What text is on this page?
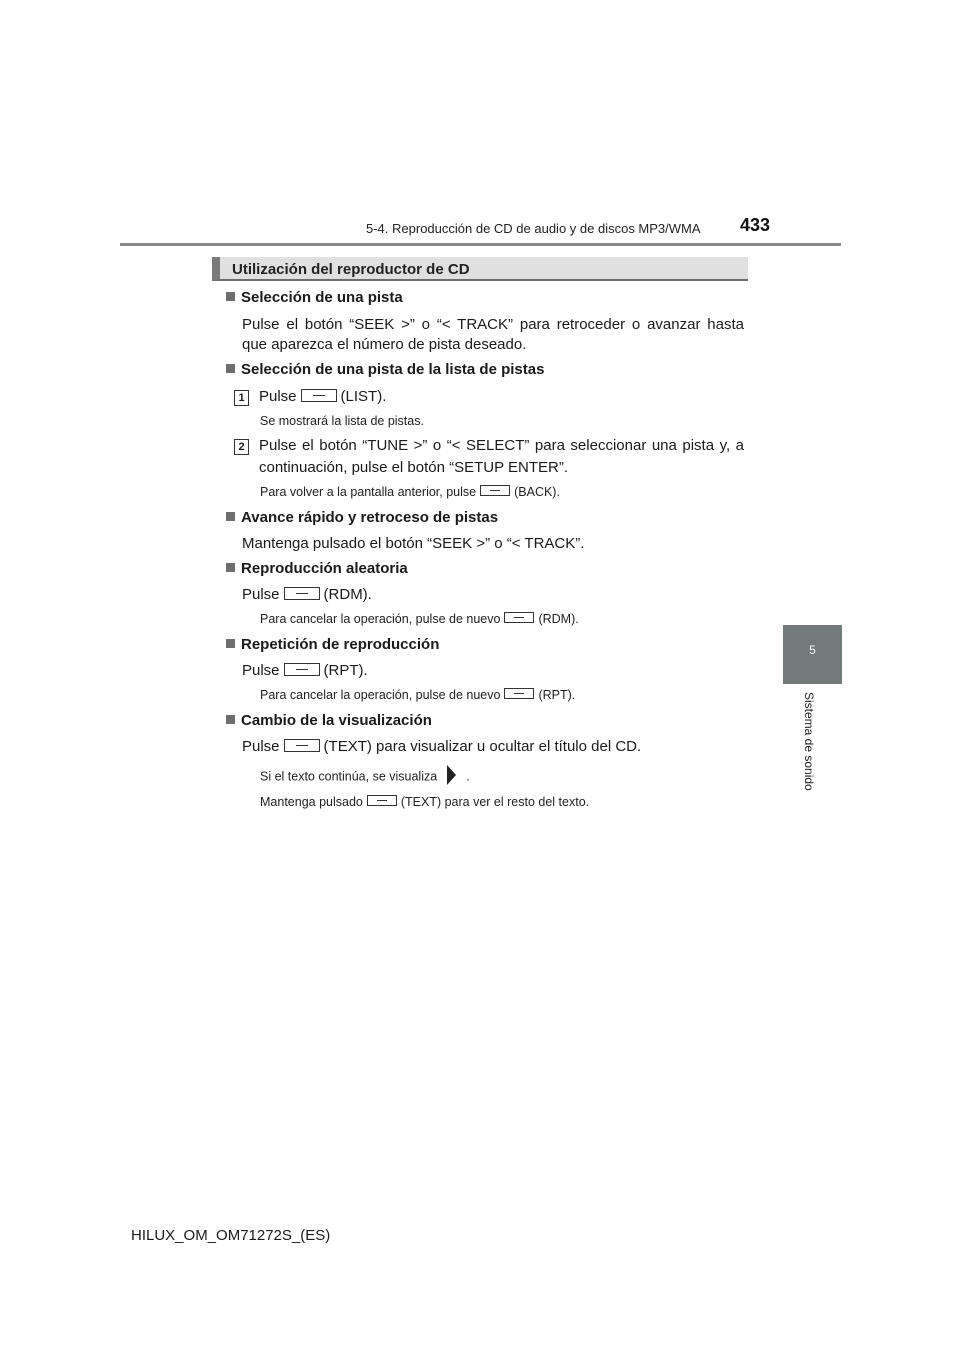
5-4. Reproducción de CD de audio y de discos MP3/WMA 433
5
Sistema de sonido
Utilización del reproductor de CD
Selección de una pista
Pulse el botón “SEEK >” o “< TRACK” para retroceder o avanzar hasta
que aparezca el número de pista deseado.
Selección de una pista de la lista de pistas
1 Pulse	(LIST).
Se mostrará la lista de pistas.
2 Pulse el botón “TUNE >” o “< SELECT” para seleccionar una pista y, a
continuación, pulse el botón “SETUP ENTER”.
Para volver a la pantalla anterior, pulse	(BACK).
Avance rápido y retroceso de pistas
Mantenga pulsado el botón “SEEK >” o “< TRACK”.
Reproducción aleatoria
Pulse	(RDM).
Para cancelar la operación, pulse de nuevo	(RDM).
Repetición de reproducción
Pulse	(RPT).
Para cancelar la operación, pulse de nuevo	(RPT).
Cambio de la visualización
Pulse	(TEXT) para visualizar u ocultar el título del CD.
Si el texto continúa, se visualiza .
Mantenga pulsado	(TEXT) para ver el resto del texto.
HILUX_OM_OM71272S_(ES)
